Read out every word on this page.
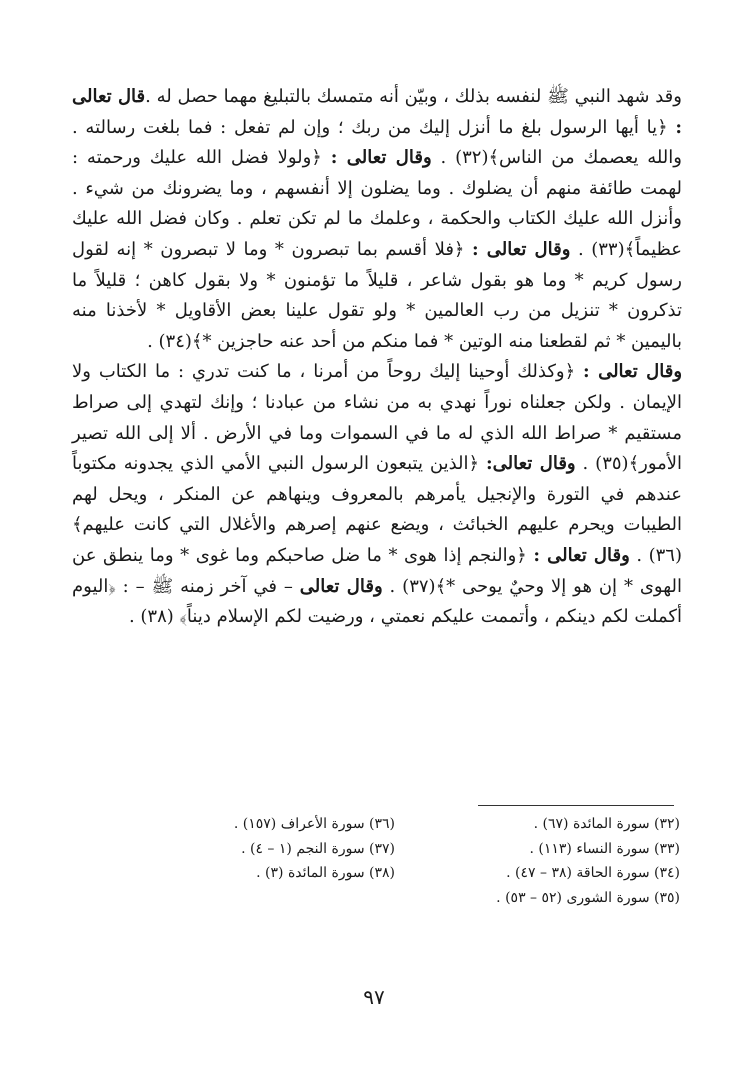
وقد شهد النبي ﷺ لنفسه بذلك ، وبيّن أنه متمسك بالتبليغ مهما حصل له .قال تعالى : ﴿يا أيها الرسول بلغ ما أنزل إليك من ربك ؛ وإن لم تفعل : فما بلغت رسالته . والله يعصمك من الناس﴾(٣٢) . وقال تعالى : ﴿ولولا فضل الله عليك ورحمته : لهمت طائفة منهم أن يضلوك . وما يضلون إلا أنفسهم ، وما يضرونك من شيء . وأنزل الله عليك الكتاب والحكمة ، وعلمك ما لم تكن تعلم . وكان فضل الله عليك عظيماً﴾(٣٣) . وقال تعالى : ﴿فلا أقسم بما تبصرون * وما لا تبصرون * إنه لقول رسول كريم * وما هو بقول شاعر ، قليلاً ما تؤمنون * ولا بقول كاهن ؛ قليلاً ما تذكرون * تنزيل من رب العالمين * ولو تقول علينا بعض الأقاويل * لأخذنا منه باليمين * ثم لقطعنا منه الوتين * فما منكم من أحد عنه حاجزين *﴾(٣٤) .

وقال تعالى : ﴿وكذلك أوحينا إليك روحاً من أمرنا ، ما كنت تدري : ما الكتاب ولا الإيمان . ولكن جعلناه نوراً نهدي به من نشاء من عبادنا ؛ وإنك لتهدي إلى صراط مستقيم * صراط الله الذي له ما في السموات وما في الأرض . ألا إلى الله تصير الأمور﴾(٣٥) . وقال تعالى: ﴿الذين يتبعون الرسول النبي الأمي الذي يجدونه مكتوباً عندهم في التورة والإنجيل يأمرهم بالمعروف وينهاهم عن المنكر ، ويحل لهم الطيبات ويحرم عليهم الخبائث ، ويضع عنهم إصرهم والأغلال التي كانت عليهم﴾(٣٦) . وقال تعالى : ﴿والنجم إذا هوى * ما ضل صاحبكم وما غوى * وما ينطق عن الهوى * إن هو إلا وحيٌ يوحى *﴾(٣٧) . وقال تعالى – في آخر زمنه ﷺ – : ﴿اليوم أكملت لكم دينكم ، وأتممت عليكم نعمتي ، ورضيت لكم الإسلام ديناً﴾ (٣٨) .

(٣٢) سورة المائدة (٦٧) .
(٣٣) سورة النساء (١١٣) .
(٣٤) سورة الحاقة (٣٨ – ٤٧) .
(٣٥) سورة الشورى (٥٢ – ٥٣) .
(٣٦) سورة الأعراف (١٥٧) .
(٣٧) سورة النجم (١ – ٤) .
(٣٨) سورة المائدة (٣) .
٩٧
